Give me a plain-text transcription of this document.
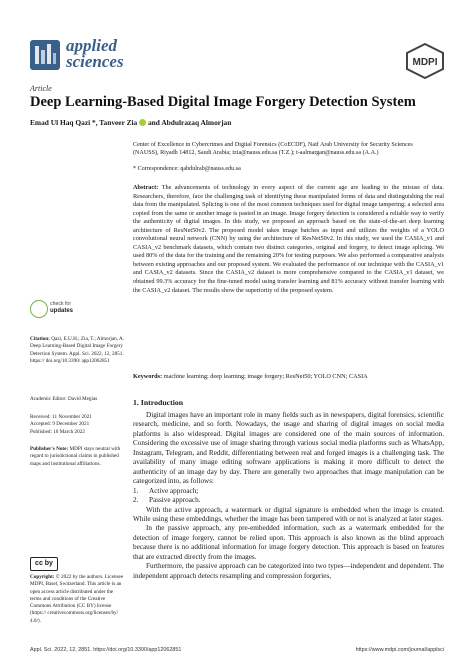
applied
sciences	MDPI
Article
Deep Learning-Based Digital Image Forgery Detection System
Emad Ul Haq Qazi *, Tanveer Zia and Abdulrazaq Almorjan
Center of Excellence in Cybercrimes and Digital Forensics (CoECDF), Naif Arab University for Security Sciences (NAUSS), Riyadh 14812, Saudi Arabia; tzia@nauss.edu.sa (T.Z.); t-aalmargan@nauss.edu.sa (A.A.)
* Correspondence: qabdulrab@nauss.edu.sa
Abstract: The advancements of technology in every aspect of the current age are leading to the misuse of data. Researchers, therefore, face the challenging task of identifying these manipulated forms of data and distinguishing the real data from the manipulated. Splicing is one of the most common techniques used for digital image tampering; a selected area copied from the same or another image is pasted in an image. Image forgery detection is considered a reliable way to verify the authenticity of digital images. In this study, we proposed an approach based on the state-of-the-art deep learning architecture of ResNet50v2. The proposed model takes image batches as input and utilizes the weights of a YOLO convolutional neural network (CNN) by using the architecture of ResNet50v2. In this study, we used the CASIA_v1 and CASIA_v2 benchmark datasets, which contain two distinct categories, original and forgery, to detect image splicing. We used 80% of the data for the training and the remaining 20% for testing purposes. We also performed a comparative analysis between existing approaches and our proposed system. We evaluated the performance of our technique with the CASIA_v1 and CASIA_v2 datasets. Since the CASIA_v2 dataset is more comprehensive compared to the CASIA_v1 dataset, we obtained 99.3% accuracy for the fine-tuned model using transfer learning and 81% accuracy without transfer learning with the CASIA_v2 dataset. The results show the superiority of the proposed system.
Keywords: machine learning; deep learning; image forgery; ResNet50; YOLO CNN; CASIA
check for
updates
Citation: Qazi, E.U.H.; Zia, T.; Almorjan, A. Deep Learning-Based Digital Image Forgery Detection System. Appl. Sci. 2022, 12, 2851. https:// doi.org/10.3390/ app12062851
Academic Editor: David Megías
Received: 11 November 2021
Accepted: 9 December 2021
Published: 10 March 2022
Publisher's Note: MDPI stays neutral with regard to jurisdictional claims in published maps and institutional affiliations.
cc by
Copyright: © 2022 by the authors. Licensee MDPI, Basel, Switzerland. This article is an open access article distributed under the terms and conditions of the Creative Commons Attribution (CC BY) license (https:// creativecommons.org/licenses/by/ 4.0/).
1. Introduction

Digital images have an important role in many fields such as in newspapers, digital forensics, scientific research, medicine, and so forth. Nowadays, the usage and sharing of digital images on social media platforms is also widespread. Digital images are considered one of the main sources of information. Considering the excessive use of image sharing through various social media platforms such as WhatsApp, Instagram, Telegram, and Reddit, differentiating between real and forged images is a challenging task. The availability of many image editing software applications is making it more difficult to detect the authenticity of an image day by day. There are generally two approaches that image manipulation can be categorized into, as follows:

1.	Active approach;
2.	Passive approach.

With the active approach, a watermark or digital signature is embedded when the image is created. While using these embeddings, whether the image has been tampered with or not is analyzed at later stages.

In the passive approach, any pre-embedded information, such as a watermark embedded for the detection of image forgery, cannot be relied upon. This approach is also known as the blind approach because there is no additional information for image forgery detection. This approach is based on features that are extracted directly from the images.

Furthermore, the passive approach can be categorized into two types—independent and dependent. The independent approach detects resampling and compression forgeries,

Appl. Sci. 2022, 12, 2851. https://doi.org/10.3390/app12062851	https://www.mdpi.com/journal/applsci
